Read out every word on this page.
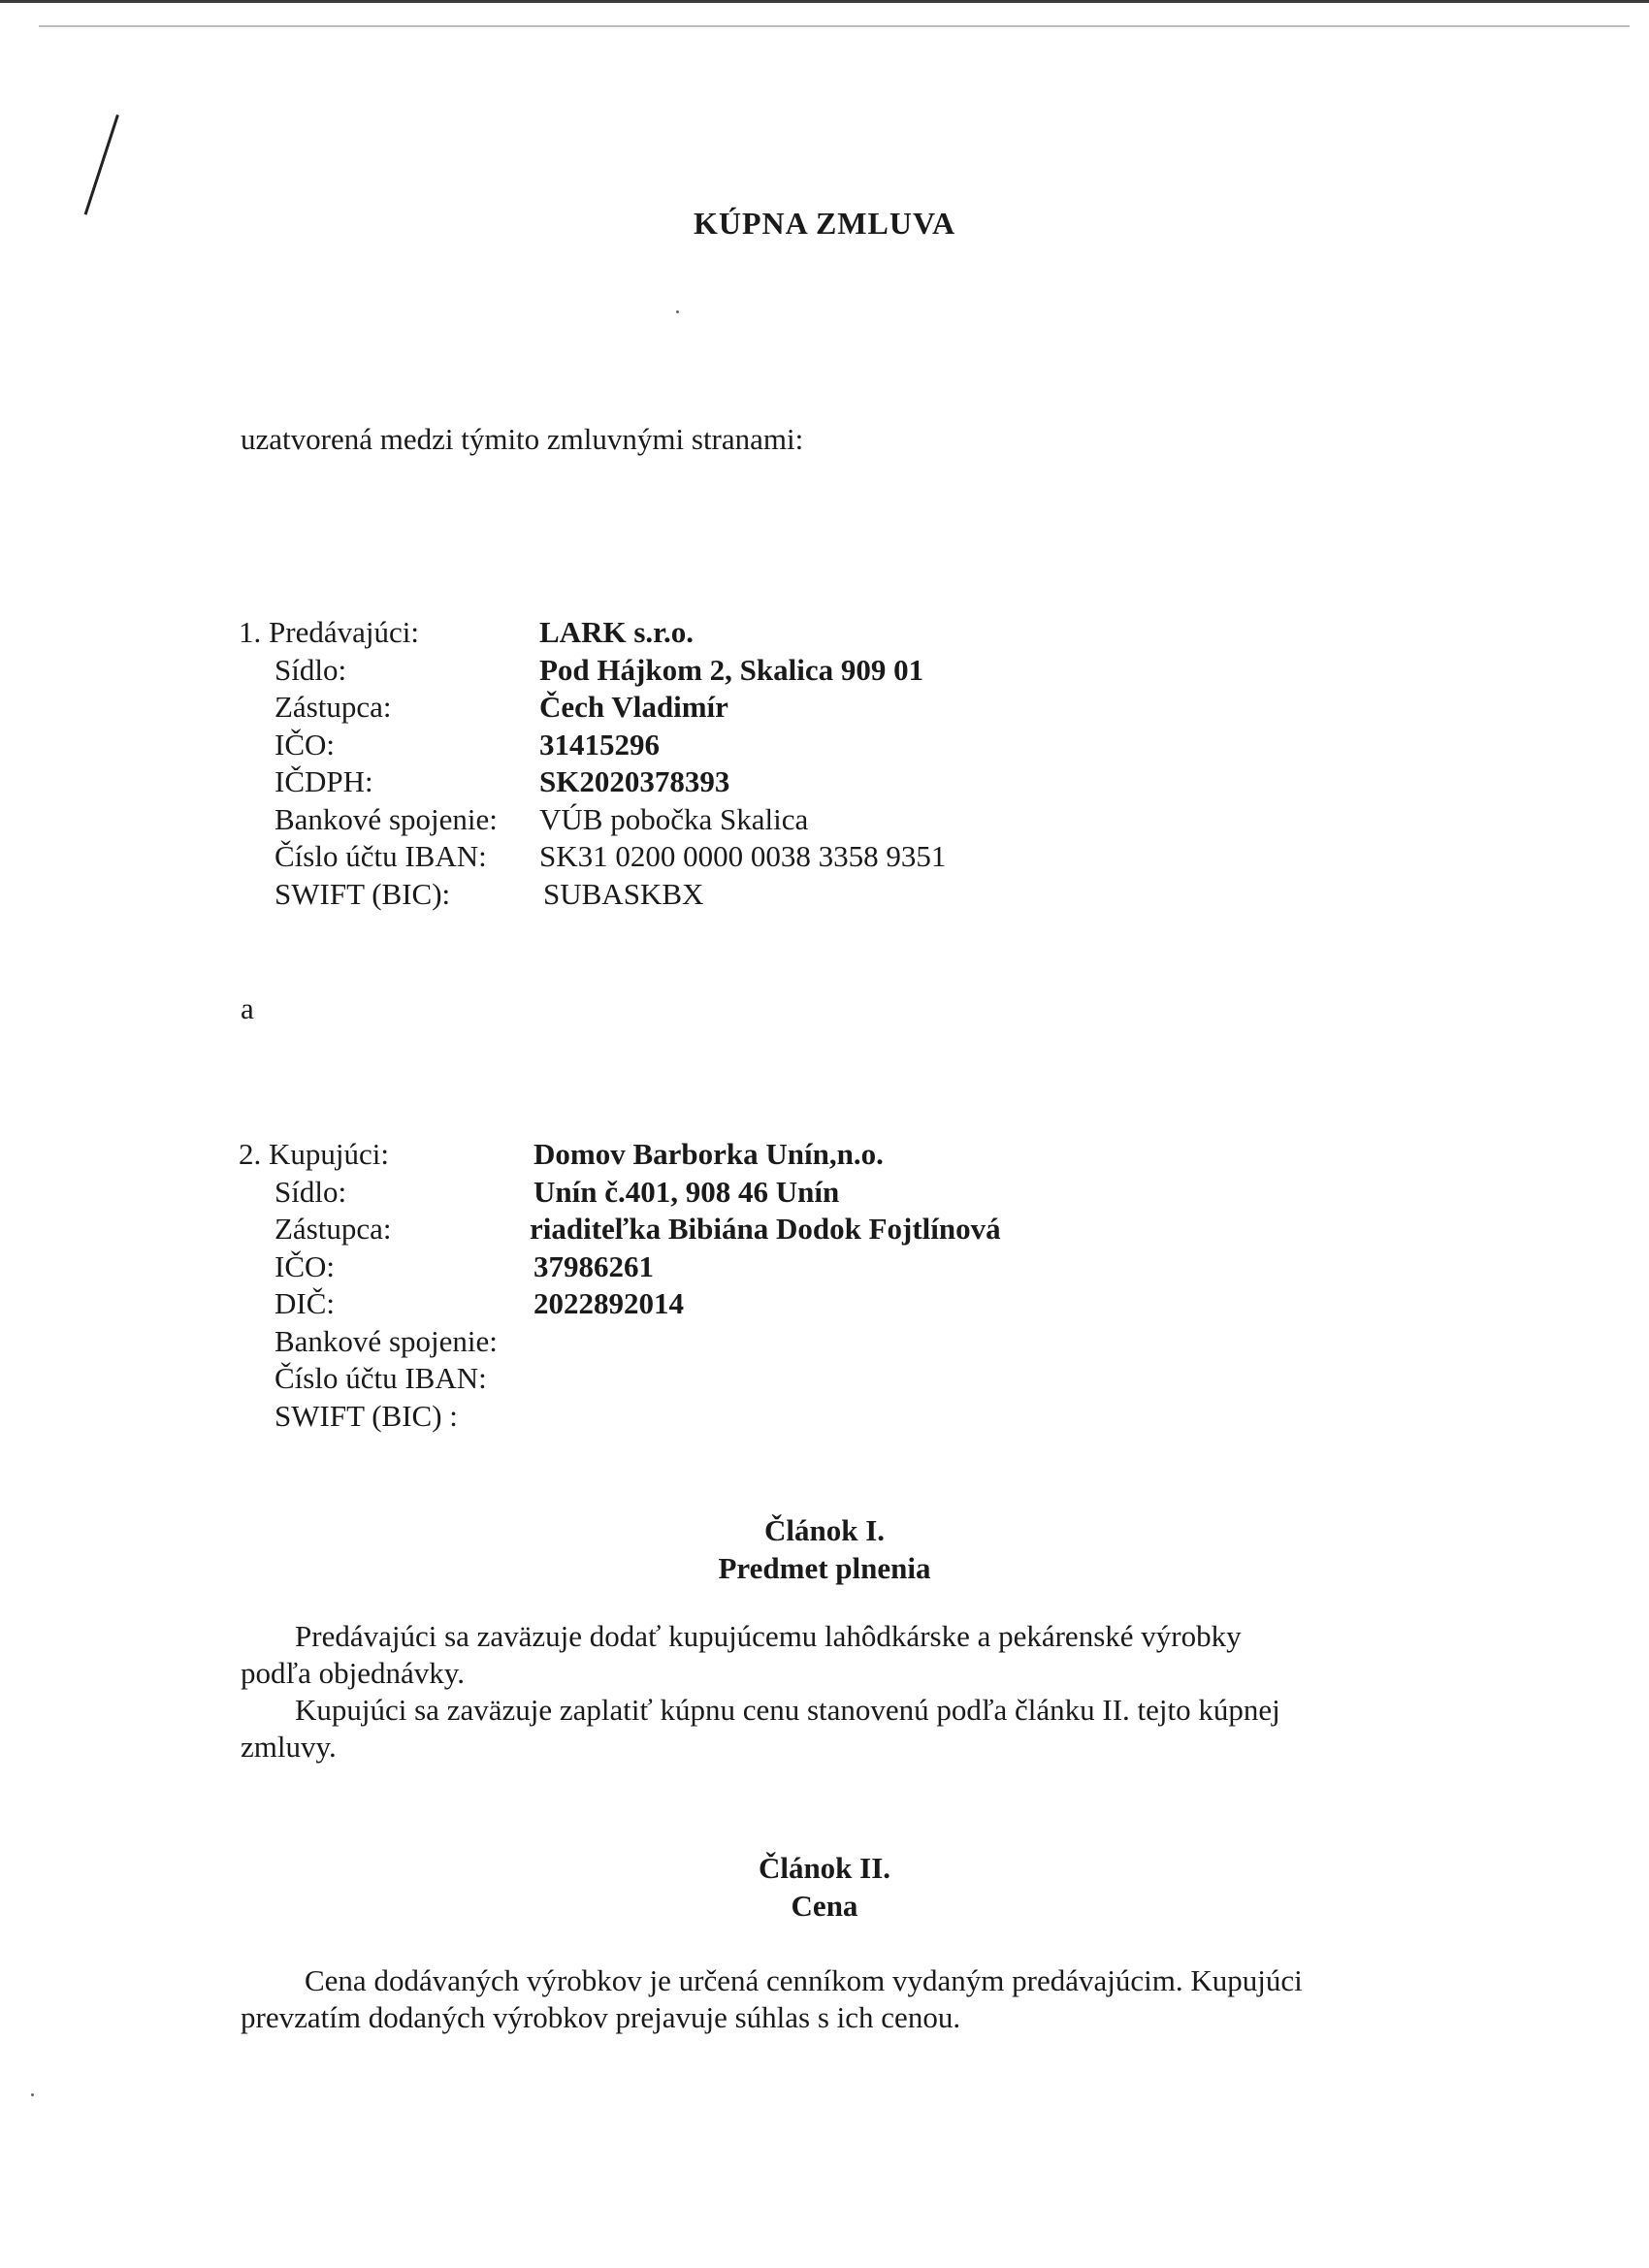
KÚPNA ZMLUVA
uzatvorená medzi týmito zmluvnými stranami:
1. Predávajúci:	LARK s.r.o.
Sídlo:	Pod Hájkom 2, Skalica 909 01
Zástupca:	Čech Vladimír
IČO:	31415296
IČDPH:	SK2020378393
Bankové spojenie: VÚB pobočka Skalica
Číslo účtu IBAN: SK31 0200 0000 0038 3358 9351
SWIFT (BIC):	SUBASKBX
a
2. Kupujúci:	Domov Barborka Unín,n.o.
Sídlo:	Unín č.401, 908 46 Unín
Zástupca:	riaditeľka Bibiána Dodok Fojtlínová
IČO:	37986261
DIČ:	2022892014
Bankové spojenie:
Číslo účtu IBAN:
SWIFT (BIC) :
Článok I.
Predmet plnenia

Predávajúci sa zaväzuje dodať kupujúcemu lahôdkárske a pekárenské výrobky

podľa objednávky.

Kupujúci sa zaväzuje zaplatiť kúpnu cenu stanovenú podľa článku II. tejto kúpnej

zmluvy.

Článok II.
Cena

Cena dodávaných výrobkov je určená cenníkom vydaným predávajúcim. Kupujúci

prevzatím dodaných výrobkov prejavuje súhlas s ich cenou.
